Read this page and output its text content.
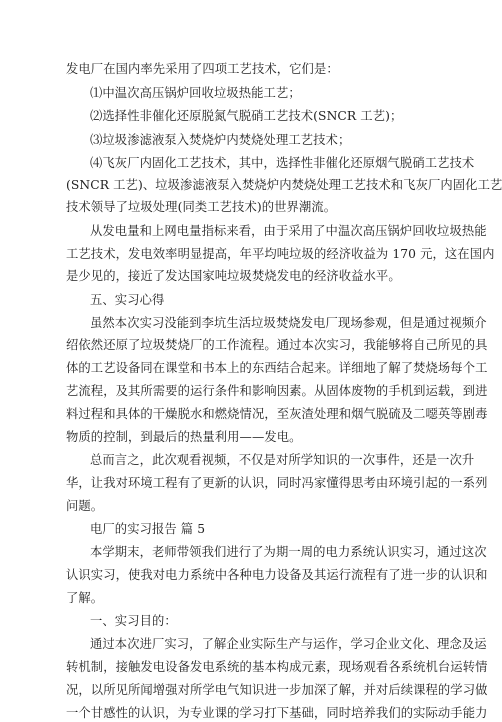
发电厂在国内率先采用了四项工艺技术，它们是：
⑴中温次高压锅炉回收垃圾热能工艺；
⑵选择性非催化还原脱氮气脱硝工艺技术(SNCR 工艺)；
⑶垃圾渗滤液泵入焚烧炉内焚烧处理工艺技术；
⑷飞灰厂内固化工艺技术，其中，选择性非催化还原烟气脱硝工艺技术
(SNCR 工艺)、垃圾渗滤液泵入焚烧炉内焚烧处理工艺技术和飞灰厂内固化工艺
技术领导了垃圾处理(同类工艺技术)的世界潮流。
从发电量和上网电量指标来看，由于采用了中温次高压锅炉回收垃圾热能
工艺技术，发电效率明显提高，年平均吨垃圾的经济收益为 170 元，这在国内
是少见的，接近了发达国家吨垃圾焚烧发电的经济收益水平。
五、实习心得
虽然本次实习没能到李坑生活垃圾焚烧发电厂现场参观，但是通过视频介
绍依然还原了垃圾焚烧厂的工作流程。通过本次实习，我能够将自己所见的具
体的工艺设备同在课堂和书本上的东西结合起来。详细地了解了焚烧场每个工
艺流程，及其所需要的运行条件和影响因素。从固体废物的手机到运载，到进
料过程和具体的干燥脱水和燃烧情况，至灰渣处理和烟气脱硫及二噁英等剧毒
物质的控制，到最后的热量利用——发电。
总而言之，此次观看视频，不仅是对所学知识的一次事件，还是一次升
华，让我对环境工程有了更新的认识，同时冯家懂得思考由环境引起的一系列
问题。
电厂的实习报告 篇 5
本学期末，老师带领我们进行了为期一周的电力系统认识实习，通过这次
认识实习，使我对电力系统中各种电力设备及其运行流程有了进一步的认识和
了解。
一、实习目的：
通过本次进厂实习，了解企业实际生产与运作，学习企业文化、理念及运
转机制，接触发电设备发电系统的基本构成元素，现场观看各系统机台运转情
况，以所见所闻增强对所学电气知识进一步加深了解，并对后续课程的学习做
一个甘感性的认识，为专业课的学习打下基础，同时培养我们的实际动手能力
